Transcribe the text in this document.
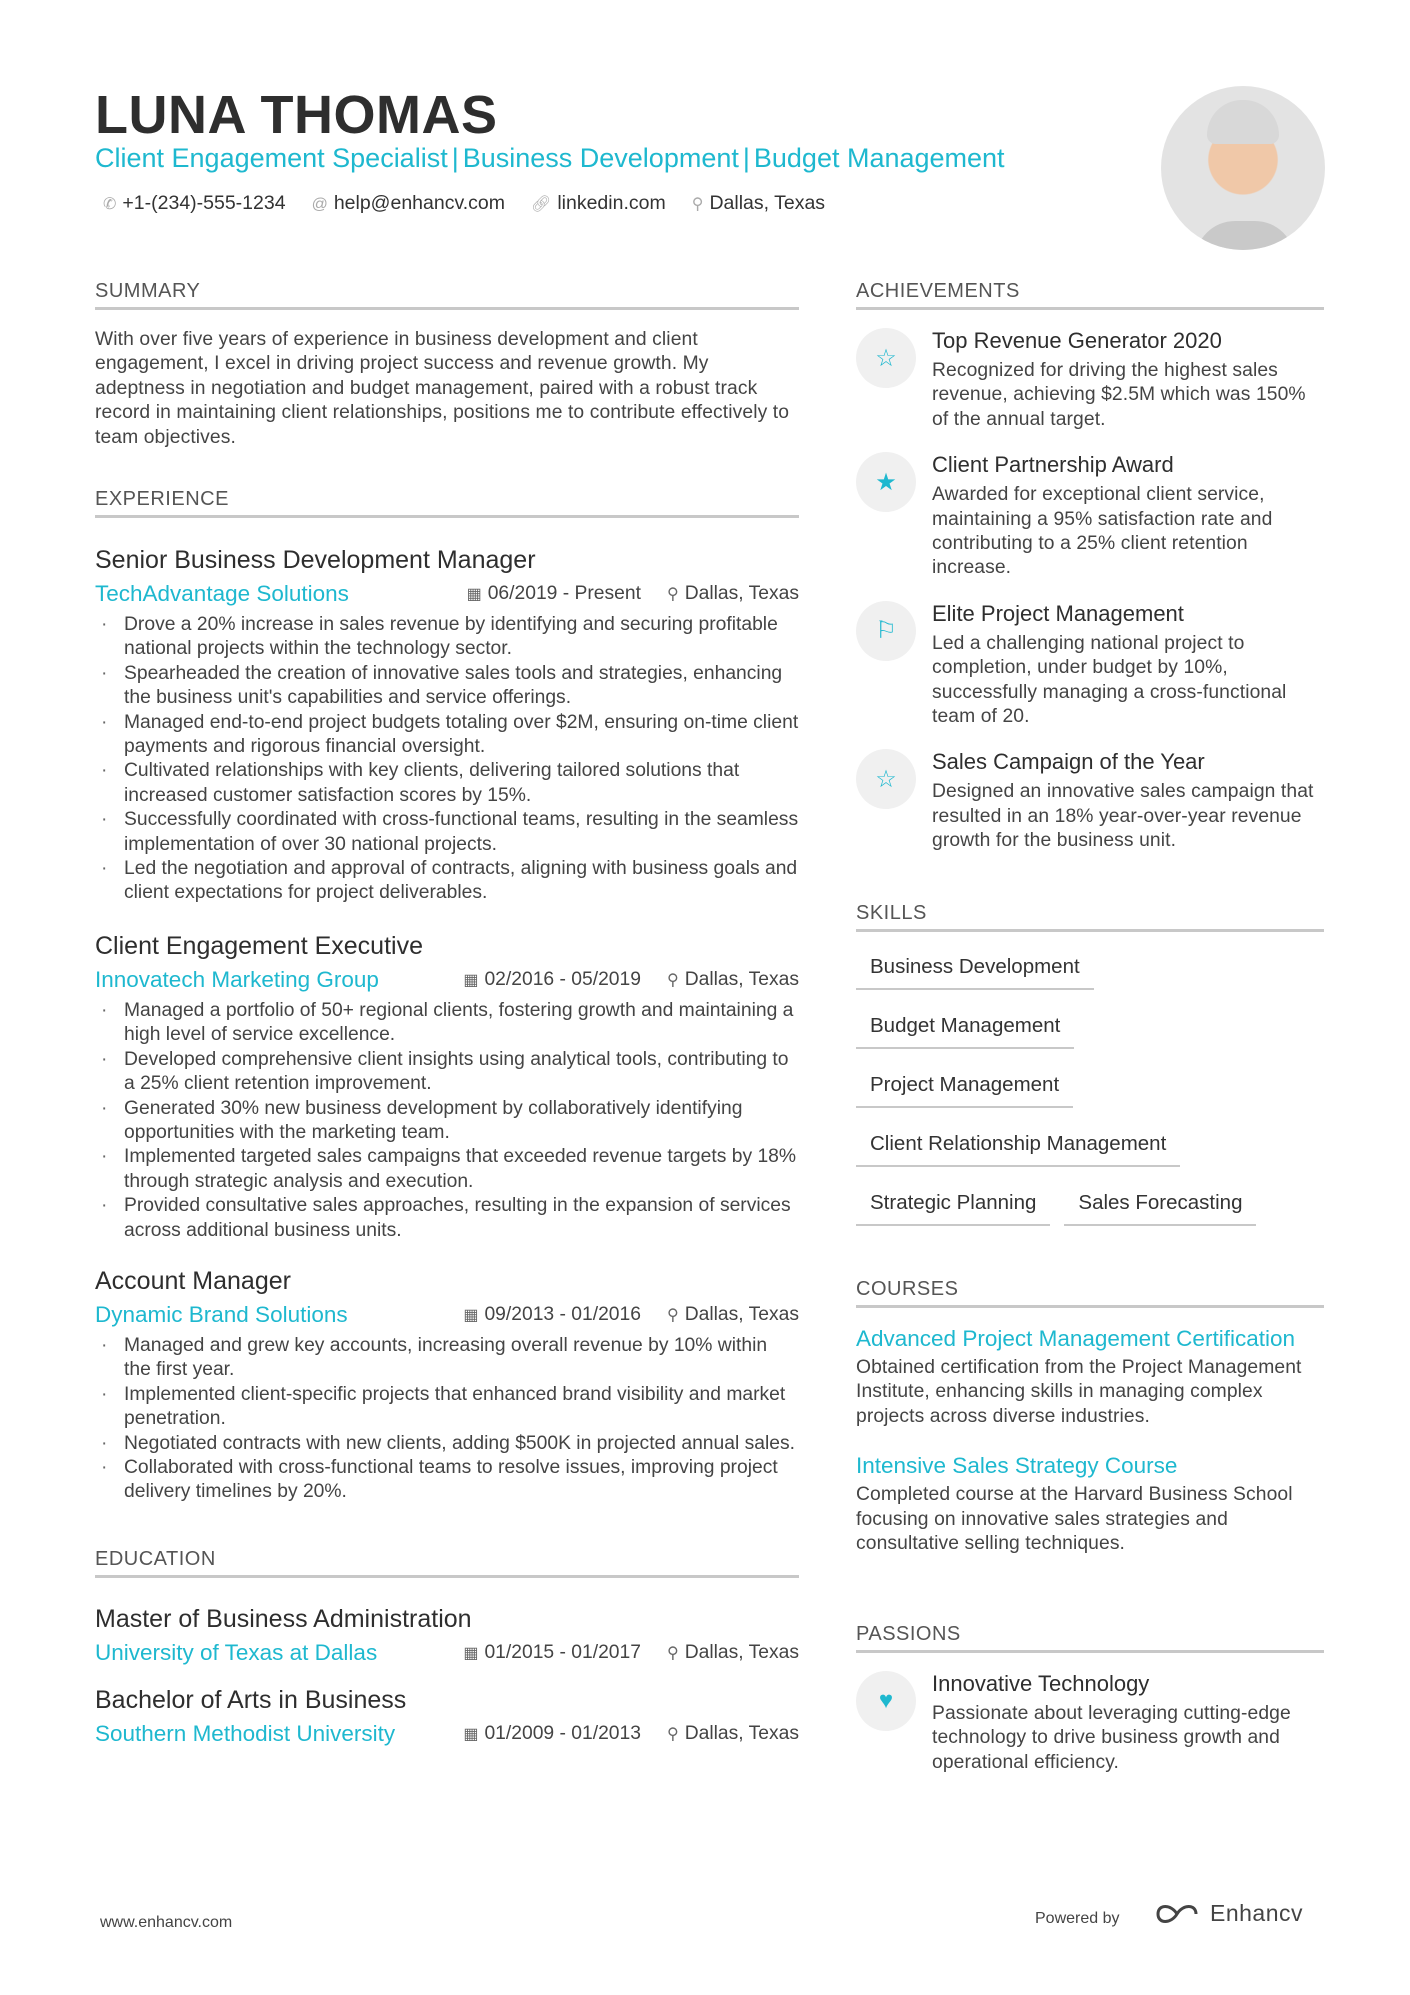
LUNA THOMAS
Client Engagement Specialist | Business Development | Budget Management
✆ +1-(234)-555-1234 @ help@enhancv.com 🔗︎ linkedin.com ⚲ Dallas, Texas
SUMMARY
With over five years of experience in business development and client engagement, I excel in driving project success and revenue growth. My adeptness in negotiation and budget management, paired with a robust track record in maintaining client relationships, positions me to contribute effectively to team objectives.
EXPERIENCE
Senior Business Development Manager
TechAdvantage Solutions	▦ 06/2019 - Present ⚲ Dallas, Texas
· Drove a 20% increase in sales revenue by identifying and securing profitable national projects within the technology sector.
· Spearheaded the creation of innovative sales tools and strategies, enhancing the business unit's capabilities and service offerings.
· Managed end-to-end project budgets totaling over $2M, ensuring on-time client payments and rigorous financial oversight.
· Cultivated relationships with key clients, delivering tailored solutions that increased customer satisfaction scores by 15%.
· Successfully coordinated with cross-functional teams, resulting in the seamless implementation of over 30 national projects.
· Led the negotiation and approval of contracts, aligning with business goals and client expectations for project deliverables.
Client Engagement Executive
Innovatech Marketing Group	▦ 02/2016 - 05/2019 ⚲ Dallas, Texas
· Managed a portfolio of 50+ regional clients, fostering growth and maintaining a high level of service excellence.
· Developed comprehensive client insights using analytical tools, contributing to a 25% client retention improvement.
· Generated 30% new business development by collaboratively identifying opportunities with the marketing team.
· Implemented targeted sales campaigns that exceeded revenue targets by 18% through strategic analysis and execution.
· Provided consultative sales approaches, resulting in the expansion of services across additional business units.
Account Manager
Dynamic Brand Solutions	▦ 09/2013 - 01/2016 ⚲ Dallas, Texas
· Managed and grew key accounts, increasing overall revenue by 10% within the first year.
· Implemented client-specific projects that enhanced brand visibility and market penetration.
· Negotiated contracts with new clients, adding $500K in projected annual sales.
· Collaborated with cross-functional teams to resolve issues, improving project delivery timelines by 20%.
EDUCATION
Master of Business Administration
University of Texas at Dallas	▦ 01/2015 - 01/2017 ⚲ Dallas, Texas
Bachelor of Arts in Business
Southern Methodist University	▦ 01/2009 - 01/2013 ⚲ Dallas, Texas
ACHIEVEMENTS
☆
Top Revenue Generator 2020
Recognized for driving the highest sales revenue, achieving $2.5M which was 150% of the annual target.
★
Client Partnership Award
Awarded for exceptional client service, maintaining a 95% satisfaction rate and contributing to a 25% client retention increase.
⚐
Elite Project Management
Led a challenging national project to completion, under budget by 10%, successfully managing a cross-functional team of 20.
☆
Sales Campaign of the Year
Designed an innovative sales campaign that resulted in an 18% year-over-year revenue growth for the business unit.
SKILLS
Business Development
Budget Management
Project Management
Client Relationship Management
Strategic Planning Sales Forecasting
COURSES
Advanced Project Management Certification
Obtained certification from the Project Management Institute, enhancing skills in managing complex projects across diverse industries.
Intensive Sales Strategy Course
Completed course at the Harvard Business School focusing on innovative sales strategies and consultative selling techniques.
PASSIONS
♥
Innovative Technology
Passionate about leveraging cutting-edge technology to drive business growth and operational efficiency.
www.enhancv.com	Powered by	Enhancv
